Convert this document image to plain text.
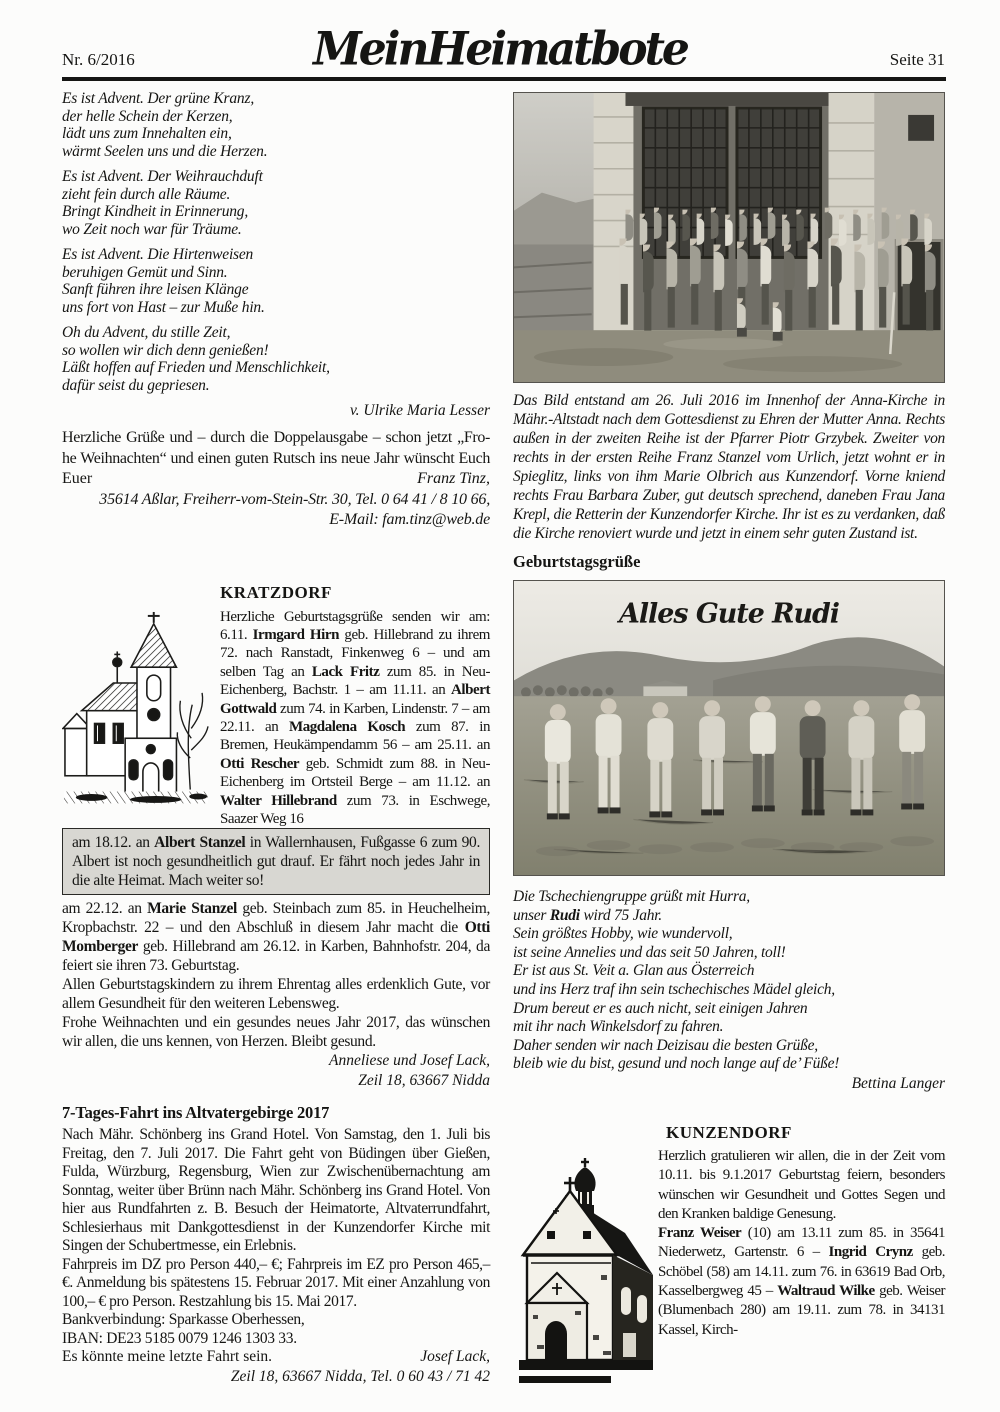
Nr. 6/2016	Mein Heimatbote	Seite 31
Es ist Advent. Der grüne Kranz,
der helle Schein der Kerzen,
lädt uns zum Innehalten ein,
wärmt Seelen uns und die Herzen.
Es ist Advent. Der Weihrauchduft
zieht fein durch alle Räume.
Bringt Kindheit in Erinnerung,
wo Zeit noch war für Träume.
Es ist Advent. Die Hirtenweisen
beruhigen Gemüt und Sinn.
Sanft führen ihre leisen Klänge
uns fort von Hast – zur Muße hin.
Oh du Advent, du stille Zeit,
so wollen wir dich denn genießen!
Läßt hoffen auf Frieden und Menschlichkeit,
dafür seist du gepriesen.
v. Ulrike Maria Lesser
Herzliche Grüße und – durch die Doppelausgabe – schon jetzt „Fro-
he Weihnachten“ und einen guten Rutsch ins neue Jahr wünscht Euch
Euer	Franz Tinz,
35614 Aßlar, Freiherr-vom-Stein-Str. 30, Tel. 0 64 41 / 8 10 66,
E-Mail: fam.tinz@web.de
KRATZDORF
Herzliche Geburtstagsgrüße senden wir am: 6.11. Irmgard Hirn geb. Hillebrand zu ihrem 72. nach Ranstadt, Finkenweg 6 – und am selben Tag an Lack Fritz zum 85. in Neu-Eichenberg, Bachstr. 1 – am 11.11. an Albert Gottwald zum 74. in Karben, Lindenstr. 7 – am 22.11. an Magdalena Kosch zum 87. in Bremen, Heukämpendamm 56 – am 25.11. an Otti Rescher geb. Schmidt zum 88. in Neu-Eichenberg im Ortsteil Berge – am 11.12. an Walter Hillebrand zum 73. in Eschwege, Saazer Weg 16
am 18.12. an Albert Stanzel in Wallernhausen, Fußgasse 6 zum 90. Albert ist noch gesundheitlich gut drauf. Er fährt noch jedes Jahr in die alte Heimat. Mach weiter so!

am 22.12. an Marie Stanzel geb. Steinbach zum 85. in Heuchelheim, Kropbachstr. 22 – und den Abschluß in diesem Jahr macht die Otti Momberger geb. Hillebrand am 26.12. in Karben, Bahnhofstr. 204, da feiert sie ihren 73. Geburtstag.

Allen Geburtstagskindern zu ihrem Ehrentag alles erdenklich Gute, vor allem Gesundheit für den weiteren Lebensweg.

Frohe Weihnachten und ein gesundes neues Jahr 2017, das wünschen wir allen, die uns kennen, von Herzen. Bleibt gesund.

Anneliese und Josef Lack,
Zeil 18, 63667 Nidda
7-Tages-Fahrt ins Altvatergebirge 2017

Nach Mähr. Schönberg ins Grand Hotel. Von Samstag, den 1. Juli bis Freitag, den 7. Juli 2017. Die Fahrt geht von Büdingen über Gießen, Fulda, Würzburg, Regensburg, Wien zur Zwischenübernachtung am Sonntag, weiter über Brünn nach Mähr. Schönberg ins Grand Hotel. Von hier aus Rundfahrten z. B. Besuch der Heimatorte, Altvaterrundfahrt, Schlesierhaus mit Dankgottesdienst in der Kunzendorfer Kirche mit Singen der Schubertmesse, ein Erlebnis.

Fahrpreis im DZ pro Person 440,– €; Fahrpreis im EZ pro Person 465,– €. Anmeldung bis spätestens 15. Februar 2017. Mit einer Anzahlung von 100,– € pro Person. Restzahlung bis 15. Mai 2017.

Bankverbindung: Sparkasse Oberhessen,
IBAN: DE23 5185 0079 1246 1303 33.
Es könnte meine letzte Fahrt sein.	Josef Lack,
Zeil 18, 63667 Nidda, Tel. 0 60 43 / 71 42
Das Bild entstand am 26. Juli 2016 im Innenhof der Anna-Kirche in Mähr.-Altstadt nach dem Gottesdienst zu Ehren der Mutter Anna. Rechts außen in der zweiten Reihe ist der Pfarrer Piotr Grzybek. Zweiter von rechts in der ersten Reihe Franz Stanzel vom Urlich, jetzt wohnt er in Spieglitz, links von ihm Marie Olbrich aus Kunzendorf. Vorne kniend rechts Frau Barbara Zuber, gut deutsch sprechend, daneben Frau Jana Krepl, die Retterin der Kunzendorfer Kirche. Ihr ist es zu verdanken, daß die Kirche renoviert wurde und jetzt in einem sehr guten Zustand ist.
Geburtstagsgrüße
Alles Gute Rudi
Die Tschechiengruppe grüßt mit Hurra,
unser Rudi wird 75 Jahr.
Sein größtes Hobby, wie wundervoll,
ist seine Annelies und das seit 50 Jahren, toll!
Er ist aus St. Veit a. Glan aus Österreich
und ins Herz traf ihn sein tschechisches Mädel gleich,
Drum bereut er es auch nicht, seit einigen Jahren
mit ihr nach Winkelsdorf zu fahren.
Daher senden wir nach Deizisau die besten Grüße,
bleib wie du bist, gesund und noch lange auf de’ Füße!
Bettina Langer
KUNZENDORF
Herzlich gratulieren wir allen, die in der Zeit vom 10.11. bis 9.1.2017 Geburtstag feiern, besonders wünschen wir Gesundheit und Gottes Segen und den Kranken baldige Genesung.
Franz Weiser (10) am 13.11 zum 85. in 35641 Niederwetz, Gartenstr. 6 – Ingrid Crynz geb. Schöbel (58) am 14.11. zum 76. in 63619 Bad Orb, Kasselbergweg 45 – Waltraud Wilke geb. Weiser (Blumenbach 280) am 19.11. zum 78. in 34131 Kassel, Kirch-
